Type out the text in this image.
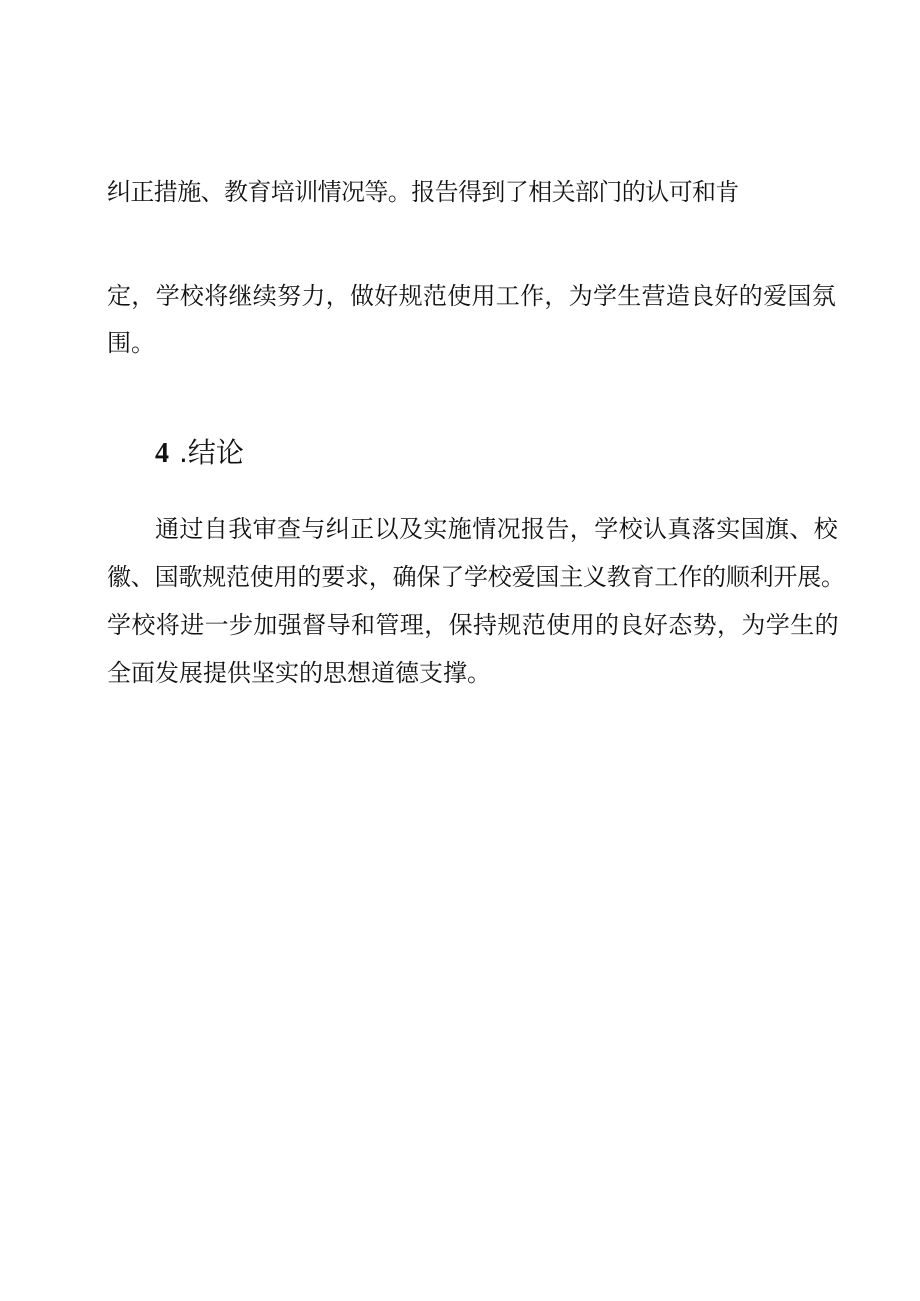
纠正措施、教育培训情况等。报告得到了相关部门的认可和肯
定，学校将继续努力，做好规范使用工作，为学生营造良好的爱国氛
围。
4 .结论
通过自我审查与纠正以及实施情况报告，学校认真落实国旗、校
徽、国歌规范使用的要求，确保了学校爱国主义教育工作的顺利开展。
学校将进一步加强督导和管理，保持规范使用的良好态势，为学生的
全面发展提供坚实的思想道德支撑。
